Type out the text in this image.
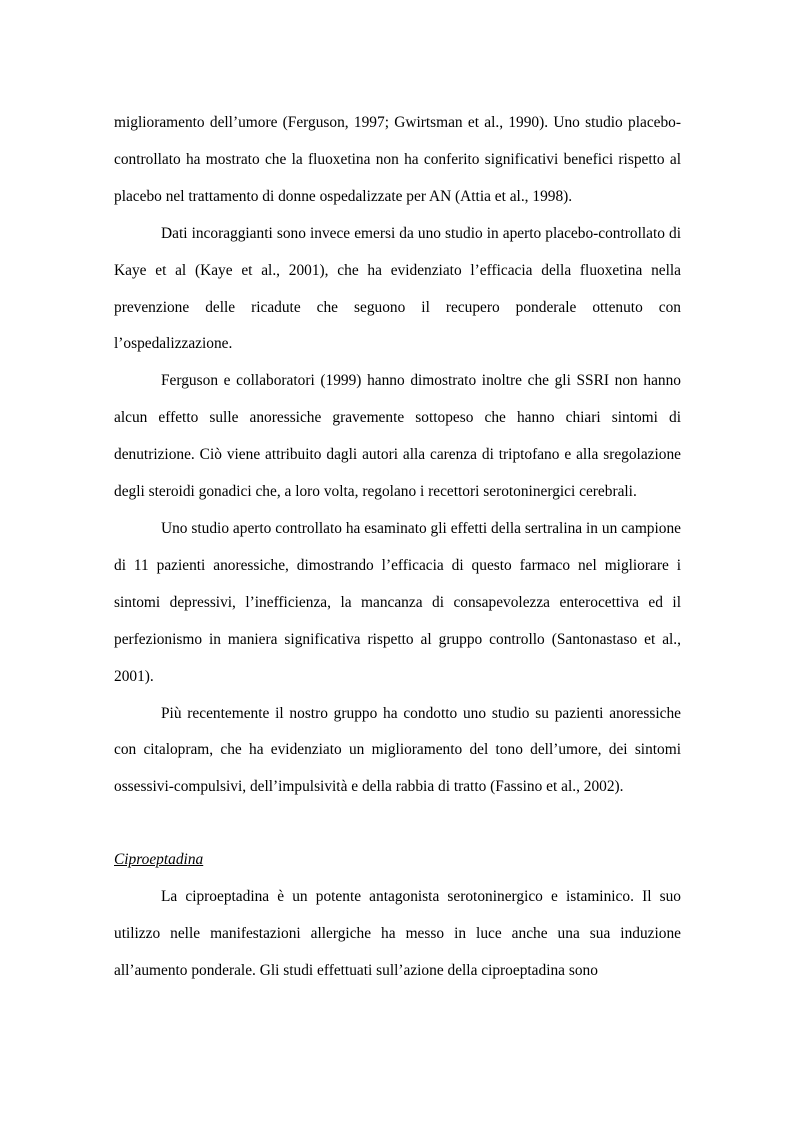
miglioramento dell’umore (Ferguson, 1997; Gwirtsman et al., 1990). Uno studio placebo-controllato ha mostrato che la fluoxetina non ha conferito significativi benefici rispetto al placebo nel trattamento di donne ospedalizzate per AN (Attia et al., 1998).

Dati incoraggianti sono invece emersi da uno studio in aperto placebo-controllato di Kaye et al (Kaye et al., 2001), che ha evidenziato l’efficacia della fluoxetina nella prevenzione delle ricadute che seguono il recupero ponderale ottenuto con l’ospedalizzazione.

Ferguson e collaboratori (1999) hanno dimostrato inoltre che gli SSRI non hanno alcun effetto sulle anoressiche gravemente sottopeso che hanno chiari sintomi di denutrizione. Ciò viene attribuito dagli autori alla carenza di triptofano e alla sregolazione degli steroidi gonadici che, a loro volta, regolano i recettori serotoninergici cerebrali.

Uno studio aperto controllato ha esaminato gli effetti della sertralina in un campione di 11 pazienti anoressiche, dimostrando l’efficacia di questo farmaco nel migliorare i sintomi depressivi, l’inefficienza, la mancanza di consapevolezza enterocettiva ed il perfezionismo in maniera significativa rispetto al gruppo controllo (Santonastaso et al., 2001).

Più recentemente il nostro gruppo ha condotto uno studio su pazienti anoressiche con citalopram, che ha evidenziato un miglioramento del tono dell’umore, dei sintomi ossessivi-compulsivi, dell’impulsività e della rabbia di tratto (Fassino et al., 2002).

Ciproeptadina

La ciproeptadina è un potente antagonista serotoninergico e istaminico. Il suo utilizzo nelle manifestazioni allergiche ha messo in luce anche una sua induzione all’aumento ponderale. Gli studi effettuati sull’azione della ciproeptadina sono
